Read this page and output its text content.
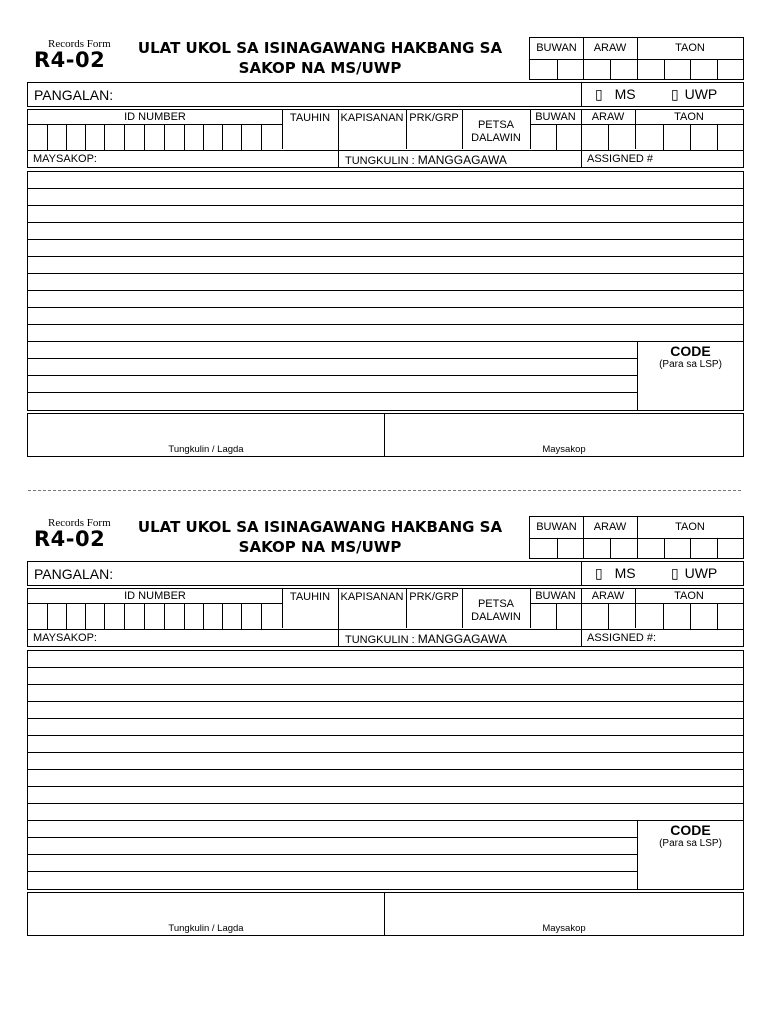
Records Form
R4-02	ULAT UKOL SA ISINAGAWANG HAKBANG SA
SAKOP NA MS/UWP
BUWAN	ARAW	TAON
PANGALAN:	▯ MS	▯ UWP
ID NUMBER	TAUHIN KAPISANAN PRK/GRP
PETSA
DALAWIN
BUWAN	ARAW	TAON
MAYSAKOP:	TUNGKULIN : MANGGAGAWA	ASSIGNED #
CODE
(Para sa LSP)
Tungkulin / Lagda	Maysakop
Records Form
R4-02	ULAT UKOL SA ISINAGAWANG HAKBANG SA
SAKOP NA MS/UWP
BUWAN	ARAW	TAON
PANGALAN:	▯ MS	▯ UWP
ID NUMBER	TAUHIN KAPISANAN PRK/GRP
PETSA
DALAWIN
BUWAN	ARAW	TAON
MAYSAKOP:	TUNGKULIN : MANGGAGAWA	ASSIGNED #:
CODE
(Para sa LSP)
Tungkulin / Lagda	Maysakop
